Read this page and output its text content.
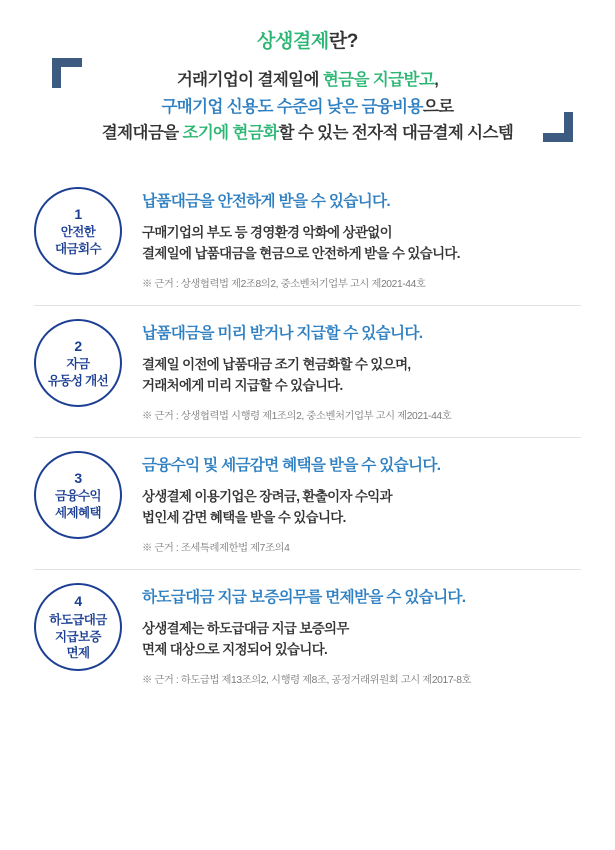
상생결제란?
거래기업이 결제일에 현금을 지급받고,
구매기업 신용도 수준의 낮은 금융비용으로
결제대금을 조기에 현금화할 수 있는 전자적 대금결제 시스템
1
안전한
대금회수
납품대금을 안전하게 받을 수 있습니다.
구매기업의 부도 등 경영환경 악화에 상관없이
결제일에 납품대금을 현금으로 안전하게 받을 수 있습니다.
※ 근거 : 상생협력법 제2조8의2, 중소벤처기업부 고시 제2021-44호
2
자금
유동성 개선
납품대금을 미리 받거나 지급할 수 있습니다.
결제일 이전에 납품대금 조기 현금화할 수 있으며,
거래처에게 미리 지급할 수 있습니다.
※ 근거 : 상생협력법 시행령 제1조의2, 중소벤처기업부 고시 제2021-44호
3
금융수익
세제혜택
금융수익 및 세금감면 혜택을 받을 수 있습니다.
상생결제 이용기업은 장려금, 환출이자 수익과
법인세 감면 혜택을 받을 수 있습니다.
※ 근거 : 조세특례제한법 제7조의4
4
하도급대금
지급보증
면제
하도급대금 지급 보증의무를 면제받을 수 있습니다.
상생결제는 하도급대금 지급 보증의무
면제 대상으로 지정되어 있습니다.
※ 근거 : 하도급법 제13조의2, 시행령 제8조, 공정거래위원회 고시 제2017-8호
